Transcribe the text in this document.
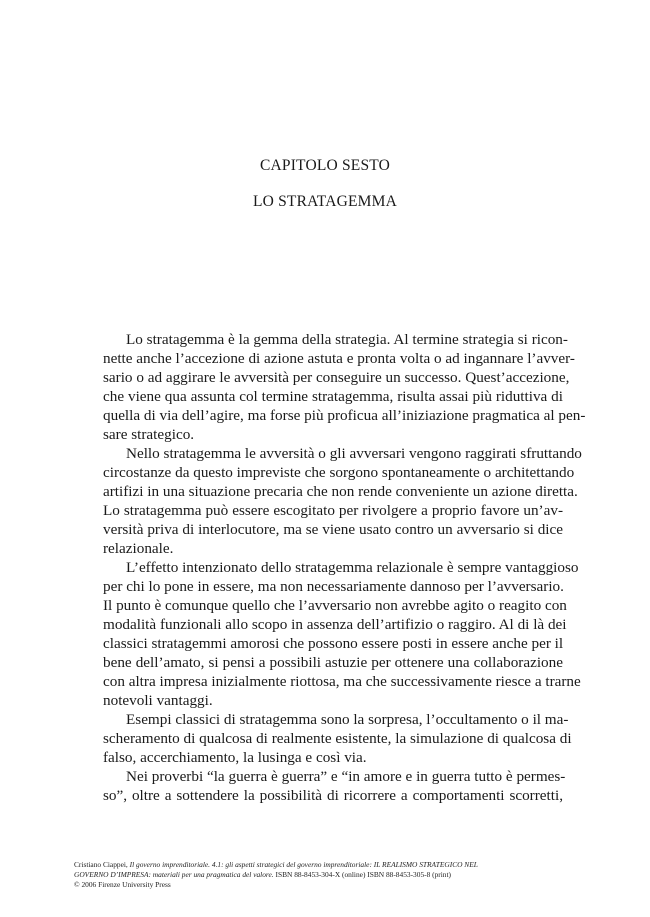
CAPITOLO SESTO
LO STRATAGEMMA
Lo stratagemma è la gemma della strategia. Al termine strategia si ricon-
nette anche l’accezione di azione astuta e pronta volta o ad ingannare l’avver-
sario o ad aggirare le avversità per conseguire un successo. Quest’accezione,
che viene qua assunta col termine stratagemma, risulta assai più riduttiva di
quella di via dell’agire, ma forse più proficua all’iniziazione pragmatica al pen-
sare strategico.
Nello stratagemma le avversità o gli avversari vengono raggirati sfruttando
circostanze da questo impreviste che sorgono spontaneamente o architettando
artifizi in una situazione precaria che non rende conveniente un azione diretta.
Lo stratagemma può essere escogitato per rivolgere a proprio favore un’av-
versità priva di interlocutore, ma se viene usato contro un avversario si dice
relazionale.
L’effetto intenzionato dello stratagemma relazionale è sempre vantaggioso
per chi lo pone in essere, ma non necessariamente dannoso per l’avversario.
Il punto è comunque quello che l’avversario non avrebbe agito o reagito con
modalità funzionali allo scopo in assenza dell’artifizio o raggiro. Al di là dei
classici stratagemmi amorosi che possono essere posti in essere anche per il
bene dell’amato, si pensi a possibili astuzie per ottenere una collaborazione
con altra impresa inizialmente riottosa, ma che successivamente riesce a trarne
notevoli vantaggi.
Esempi classici di stratagemma sono la sorpresa, l’occultamento o il ma-
scheramento di qualcosa di realmente esistente, la simulazione di qualcosa di
falso, accerchiamento, la lusinga e così via.
Nei proverbi “la guerra è guerra” e “in amore e in guerra tutto è permes-
so”, oltre a sottendere la possibilità di ricorrere a comportamenti scorretti,
Cristiano Ciappei, Il governo imprenditoriale. 4.1: gli aspetti strategici del governo imprenditoriale: IL REALISMO STRATEGICO NEL
GOVERNO D’IMPRESA: materiali per una pragmatica del valore. ISBN 88-8453-304-X (online) ISBN 88-8453-305-8 (print)
© 2006 Firenze University Press
